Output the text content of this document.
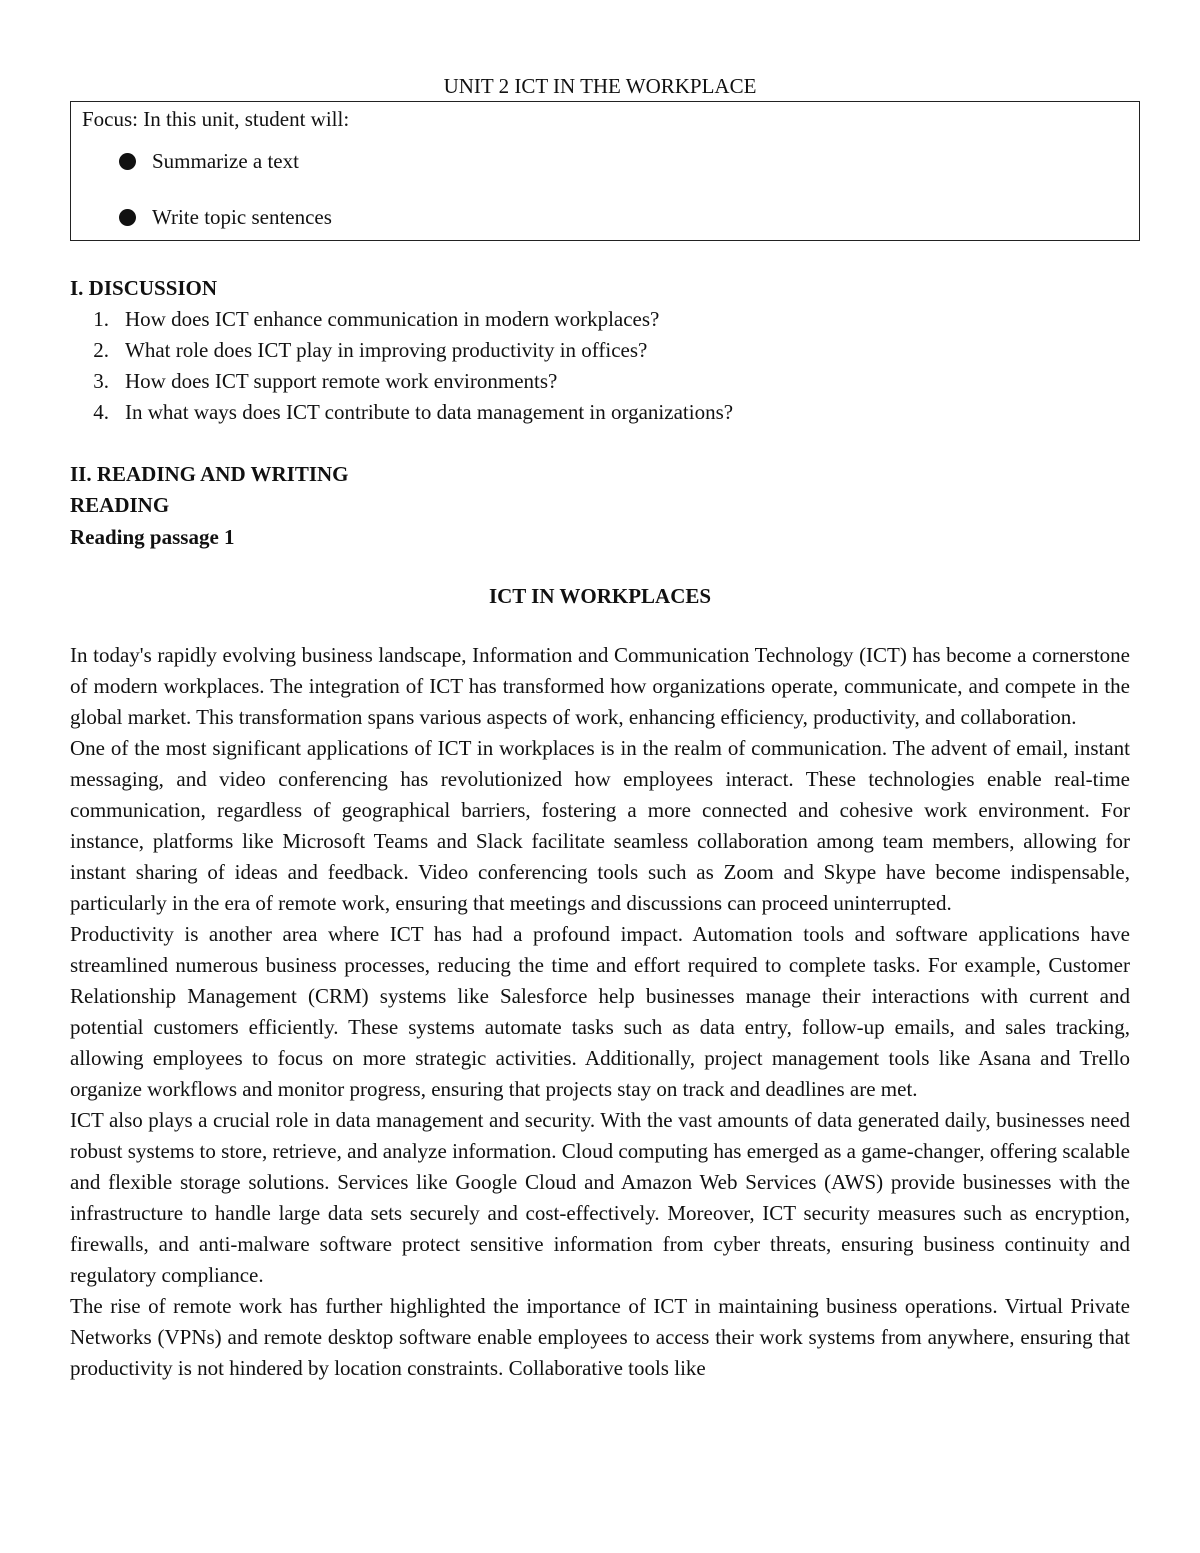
UNIT 2 ICT IN THE WORKPLACE
Focus: In this unit, student will:
Summarize a text
Write topic sentences
I. DISCUSSION
1. How does ICT enhance communication in modern workplaces?
2. What role does ICT play in improving productivity in offices?
3. How does ICT support remote work environments?
4. In what ways does ICT contribute to data management in organizations?
II. READING AND WRITING
READING
Reading passage 1
ICT IN WORKPLACES

In today's rapidly evolving business landscape, Information and Communication Technology (ICT) has become a cornerstone of modern workplaces. The integration of ICT has transformed how organizations operate, communicate, and compete in the global market. This transformation spans various aspects of work, enhancing efficiency, productivity, and collaboration.

One of the most significant applications of ICT in workplaces is in the realm of communication. The advent of email, instant messaging, and video conferencing has revolutionized how employees interact. These technologies enable real-time communication, regardless of geographical barriers, fostering a more connected and cohesive work environment. For instance, platforms like Microsoft Teams and Slack facilitate seamless collaboration among team members, allowing for instant sharing of ideas and feedback. Video conferencing tools such as Zoom and Skype have become indispensable, particularly in the era of remote work, ensuring that meetings and discussions can proceed uninterrupted.

Productivity is another area where ICT has had a profound impact. Automation tools and software applications have streamlined numerous business processes, reducing the time and effort required to complete tasks. For example, Customer Relationship Management (CRM) systems like Salesforce help businesses manage their interactions with current and potential customers efficiently. These systems automate tasks such as data entry, follow-up emails, and sales tracking, allowing employees to focus on more strategic activities. Additionally, project management tools like Asana and Trello organize workflows and monitor progress, ensuring that projects stay on track and deadlines are met.

ICT also plays a crucial role in data management and security. With the vast amounts of data generated daily, businesses need robust systems to store, retrieve, and analyze information. Cloud computing has emerged as a game-changer, offering scalable and flexible storage solutions. Services like Google Cloud and Amazon Web Services (AWS) provide businesses with the infrastructure to handle large data sets securely and cost-effectively. Moreover, ICT security measures such as encryption, firewalls, and anti-malware software protect sensitive information from cyber threats, ensuring business continuity and regulatory compliance.

The rise of remote work has further highlighted the importance of ICT in maintaining business operations. Virtual Private Networks (VPNs) and remote desktop software enable employees to access their work systems from anywhere, ensuring that productivity is not hindered by location constraints. Collaborative tools like
